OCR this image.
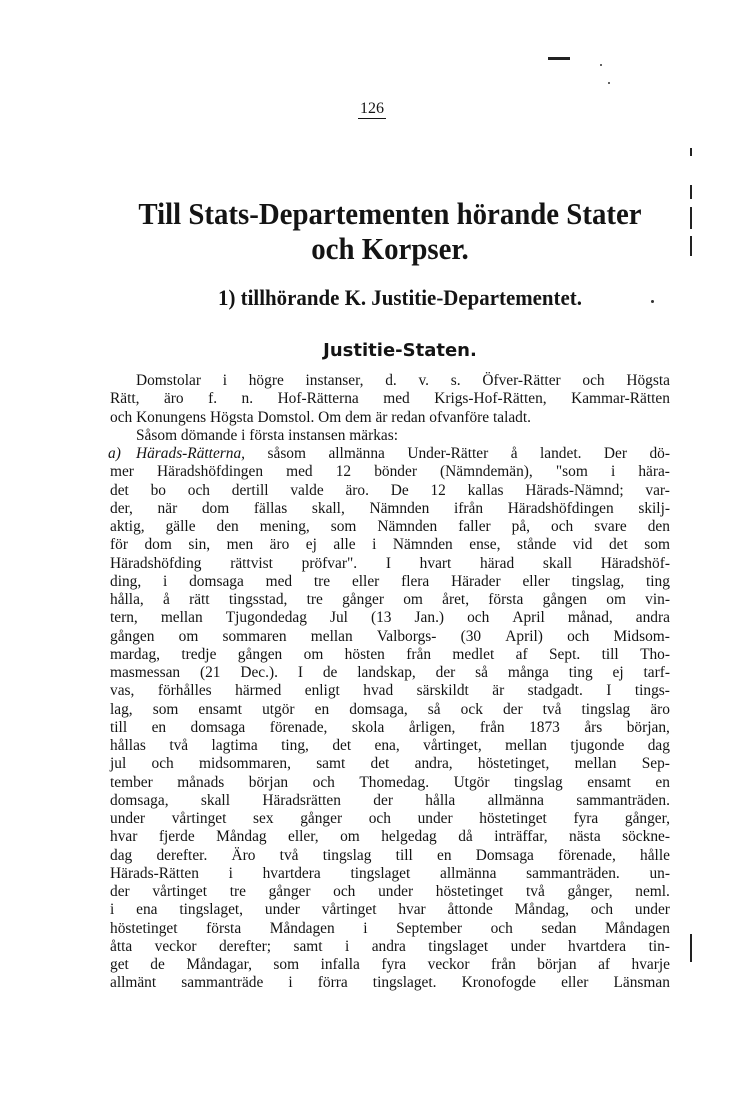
126
Till Stats-Departementen hörande Stater
och Korpser.
1) tillhörande K. Justitie-Departementet.
Justitie-Staten.
Domstolar i högre instanser, d. v. s. Öfver-Rätter och Högsta
Rätt, äro f. n. Hof-Rätterna med Krigs-Hof-Rätten, Kammar-Rätten
och Konungens Högsta Domstol. Om dem är redan ofvanföre taladt.
Såsom dömande i första instansen märkas:
a) Härads-Rätterna, såsom allmänna Under-Rätter å landet. Der dö-
mer Häradshöfdingen med 12 bönder (Nämndemän), "som i härа-
det bo och dertill valde äro. De 12 kallas Härads-Nämnd; var-
der, när dom fällas skall, Nämnden ifrån Häradshöfdingen skilj-
aktig, gälle den mening, som Nämnden faller på, och svare den
för dom sin, men äro ej alle i Nämnden ense, stånde vid det som
Häradshöfding rättvist pröfvar". I hvart härad skall Häradshöf-
ding, i domsaga med tre eller flera Härader eller tingslag, ting
hålla, å rätt tingsstad, tre gånger om året, första gången om vin-
tern, mellan Tjugondedag Jul (13 Jan.) och April månad, andra
gången om sommaren mellan Valborgs- (30 April) och Midsom-
mardag, tredje gången om hösten från medlet af Sept. till Tho-
masmessan (21 Dec.). I de landskap, der så många ting ej tarf-
vas, förhålles härmed enligt hvad särskildt är stadgadt. I tings-
lag, som ensamt utgör en domsaga, så ock der två tingslag äro
till en domsaga förenade, skola årligen, från 1873 års början,
hållas två lagtima ting, det ena, vårtinget, mellan tjugonde dag
jul och midsommaren, samt det andra, höstetinget, mellan Sep-
tember månads början och Thomedag. Utgör tingslag ensamt en
domsaga, skall Häradsrätten der hålla allmänna sammanträden.
under vårtinget sex gånger och under höstetinget fyra gånger,
hvar fjerde Måndag eller, om helgedag då inträffar, nästa söckne-
dag derefter. Äro två tingslag till en Domsaga förenade, hålle
Härads-Rätten i hvartdera tingslaget allmänna sammanträden. un-
der vårtinget tre gånger och under höstetinget två gånger, neml.
i ena tingslaget, under vårtinget hvar åttonde Måndag, och under
höstetinget första Måndagen i September och sedan Måndagen
åtta veckor derefter; samt i andra tingslaget under hvartdera tin-
get de Måndagar, som infalla fyra veckor från början af hvarje
allmänt sammanträde i förra tingslaget. Kronofogde eller Länsman
